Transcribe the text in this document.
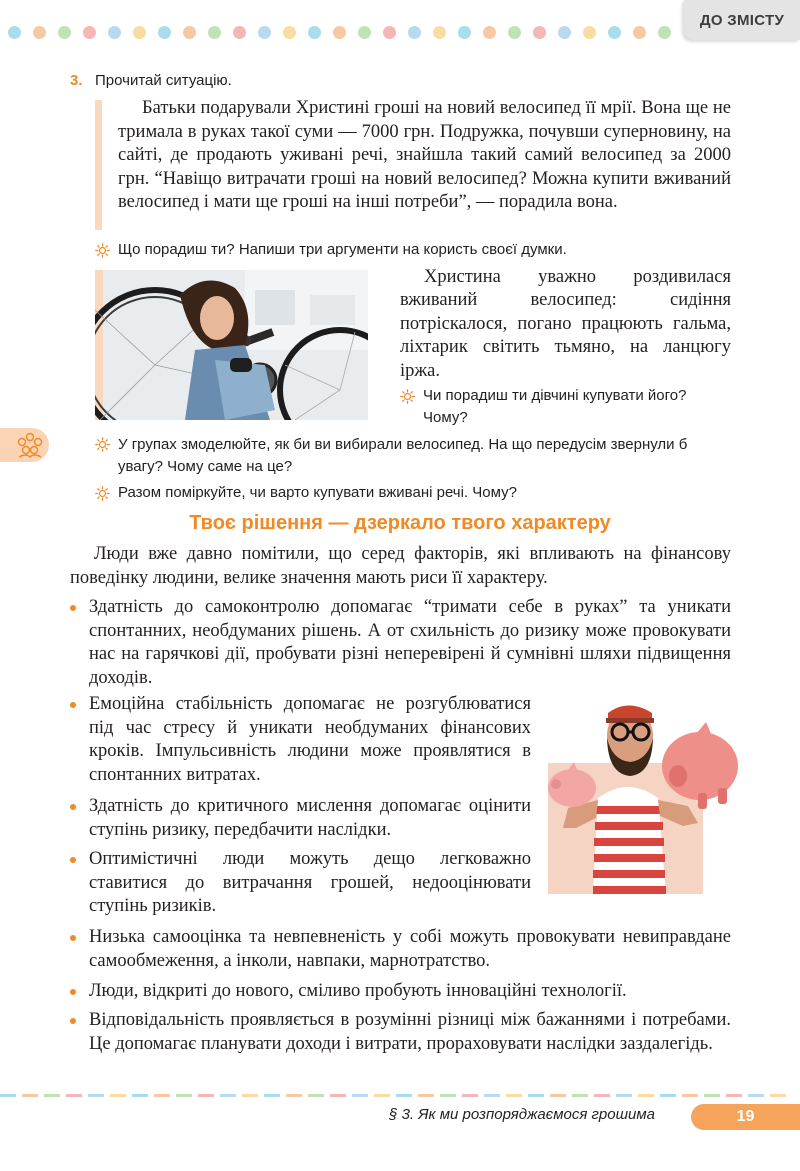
ДО ЗМІСТУ
3. Прочитай ситуацію.

Батьки подарували Христині гроші на новий велосипед її мрії. Вона ще не тримала в руках такої суми — 7000 грн. Подружка, почувши суперновину, на сайті, де продають уживані речі, знайшла такий самий велосипед за 2000 грн. “Навіщо витрачати гроші на новий велосипед? Можна купити вживаний велосипед і мати ще гроші на інші потреби”, — порадила вона.

Що порадиш ти? Напиши три аргументи на користь своєї думки.

Христина уважно роздивилася вживаний велосипед: сидіння потріскалося, погано працюють гальма, ліхтарик світить тьмяно, на ланцюгу іржа.

Чи порадиш ти дівчині купувати його? Чому?
У групах змоделюйте, як би ви вибирали велосипед. На що передусім звернули б увагу? Чому саме на це?
Разом поміркуйте, чи варто купувати вживані речі. Чому?
Твоє рішення — дзеркало твого характеру

Люди вже давно помітили, що серед факторів, які впливають на фінансову поведінку людини, велике значення мають риси її характеру.

Здатність до самоконтролю допомагає “тримати себе в руках” та уникати спонтанних, необдуманих рішень. А от схильність до ризику може провокувати нас на гарячкові дії, пробувати різні неперевірені й сумнівні шляхи підвищення доходів.
Емоційна стабільність допомагає не розгублюватися під час стресу й уникати необдуманих фінансових кроків. Імпульсивність людини може проявлятися в спонтанних витратах.
Здатність до критичного мислення допомагає оцінити ступінь ризику, передбачити наслідки.
Оптимістичні люди можуть дещо легковажно ставитися до витрачання грошей, недооцінювати ступінь ризиків.
Низька самооцінка та невпевненість у собі можуть провокувати невиправдане самообмеження, а інколи, навпаки, марнотратство.
Люди, відкриті до нового, сміливо пробують інноваційні технології.
Відповідальність проявляється в розумінні різниці між бажаннями і потребами. Це допомагає планувати доходи і витрати, прораховувати наслідки заздалегідь.
§ 3. Як ми розпоряджаємося грошима	19
